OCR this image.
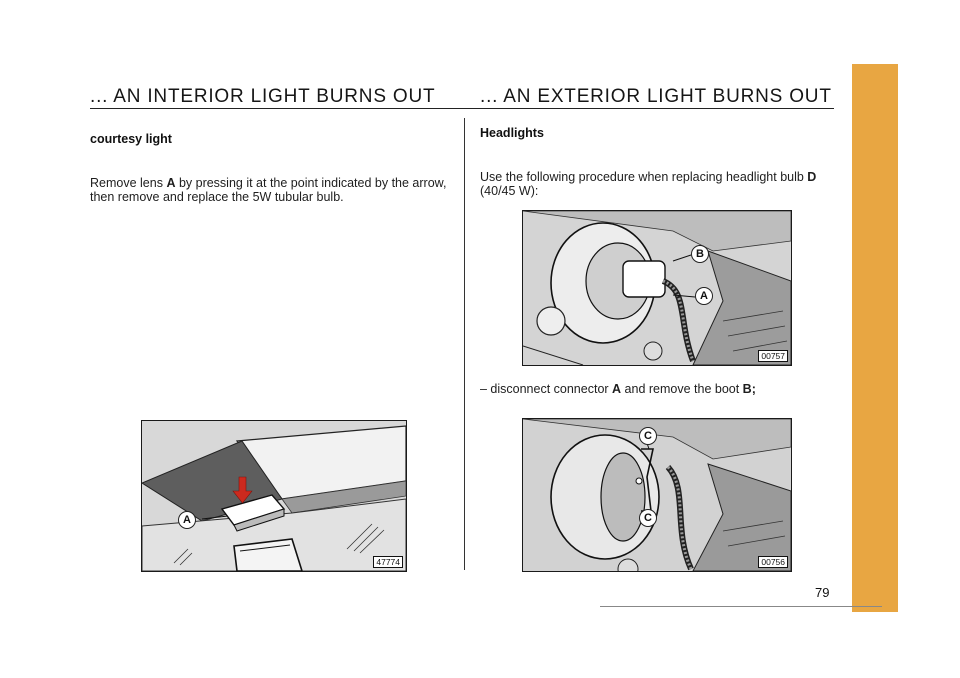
... AN INTERIOR LIGHT BURNS OUT ... AN EXTERIOR LIGHT BURNS OUT
courtesy light
Remove lens A by pressing it at the point indicated by the arrow, then remove and replace the 5W tubular bulb.
A
47774
Headlights
Use the following procedure when replacing headlight bulb D (40/45 W):
B
A
00757
– disconnect connector A and remove the boot B;
C
C
00756
79
